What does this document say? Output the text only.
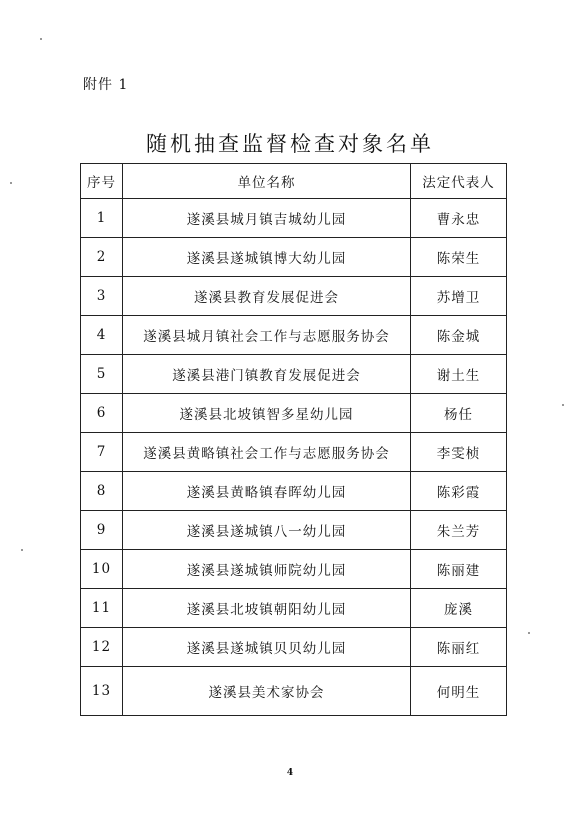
附件 1
随机抽查监督检查对象名单
序号	单位名称	法定代表人
1	遂溪县城月镇吉城幼儿园	曹永忠
2	遂溪县遂城镇博大幼儿园	陈荣生
3	遂溪县教育发展促进会	苏增卫
4	遂溪县城月镇社会工作与志愿服务协会	陈金城
5	遂溪县港门镇教育发展促进会	谢土生
6	遂溪县北坡镇智多星幼儿园	杨任
7	遂溪县黄略镇社会工作与志愿服务协会	李雯桢
8	遂溪县黄略镇春晖幼儿园	陈彩霞
9	遂溪县遂城镇八一幼儿园	朱兰芳
10	遂溪县遂城镇师院幼儿园	陈丽建
11	遂溪县北坡镇朝阳幼儿园	庞溪
12	遂溪县遂城镇贝贝幼儿园	陈丽红
13	遂溪县美术家协会	何明生
4
